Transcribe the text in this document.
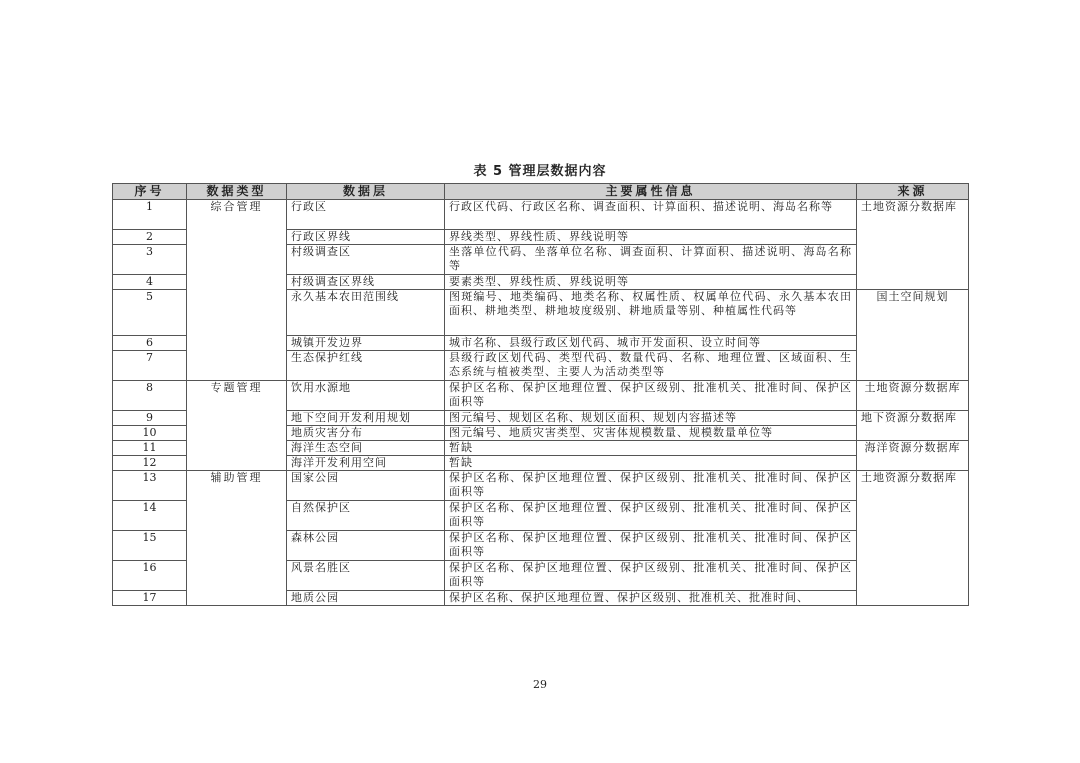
表 5 管理层数据内容
序号	数据类型	数据层	主要属性信息	来源
1	综合管理	行政区	行政区代码、行政区名称、调查面积、计算面积、描述说明、海岛名称等	土地资源分数据库
2		行政区界线	界线类型、界线性质、界线说明等	
3		村级调查区	坐落单位代码、坐落单位名称、调查面积、计算面积、描述说明、海岛名称等	
4		村级调查区界线	要素类型、界线性质、界线说明等	
5		永久基本农田范围线	图斑编号、地类编码、地类名称、权属性质、权属单位代码、永久基本农田面积、耕地类型、耕地坡度级别、耕地质量等别、种植属性代码等	国土空间规划
6		城镇开发边界	城市名称、县级行政区划代码、城市开发面积、设立时间等	
7		生态保护红线	县级行政区划代码、类型代码、数量代码、名称、地理位置、区域面积、生态系统与植被类型、主要人为活动类型等	
8	专题管理	饮用水源地	保护区名称、保护区地理位置、保护区级别、批准机关、批准时间、保护区面积等	土地资源分数据库
9		地下空间开发利用规划	图元编号、规划区名称、规划区面积、规划内容描述等	地下资源分数据库
10		地质灾害分布	图元编号、地质灾害类型、灾害体规模数量、规模数量单位等	
11		海洋生态空间	暂缺	海洋资源分数据库
12		海洋开发利用空间	暂缺	
13	辅助管理	国家公园	保护区名称、保护区地理位置、保护区级别、批准机关、批准时间、保护区面积等	土地资源分数据库
14		自然保护区	保护区名称、保护区地理位置、保护区级别、批准机关、批准时间、保护区面积等	
15		森林公园	保护区名称、保护区地理位置、保护区级别、批准机关、批准时间、保护区面积等	
16		风景名胜区	保护区名称、保护区地理位置、保护区级别、批准机关、批准时间、保护区面积等	
17		地质公园	保护区名称、保护区地理位置、保护区级别、批准机关、批准时间、	
29
